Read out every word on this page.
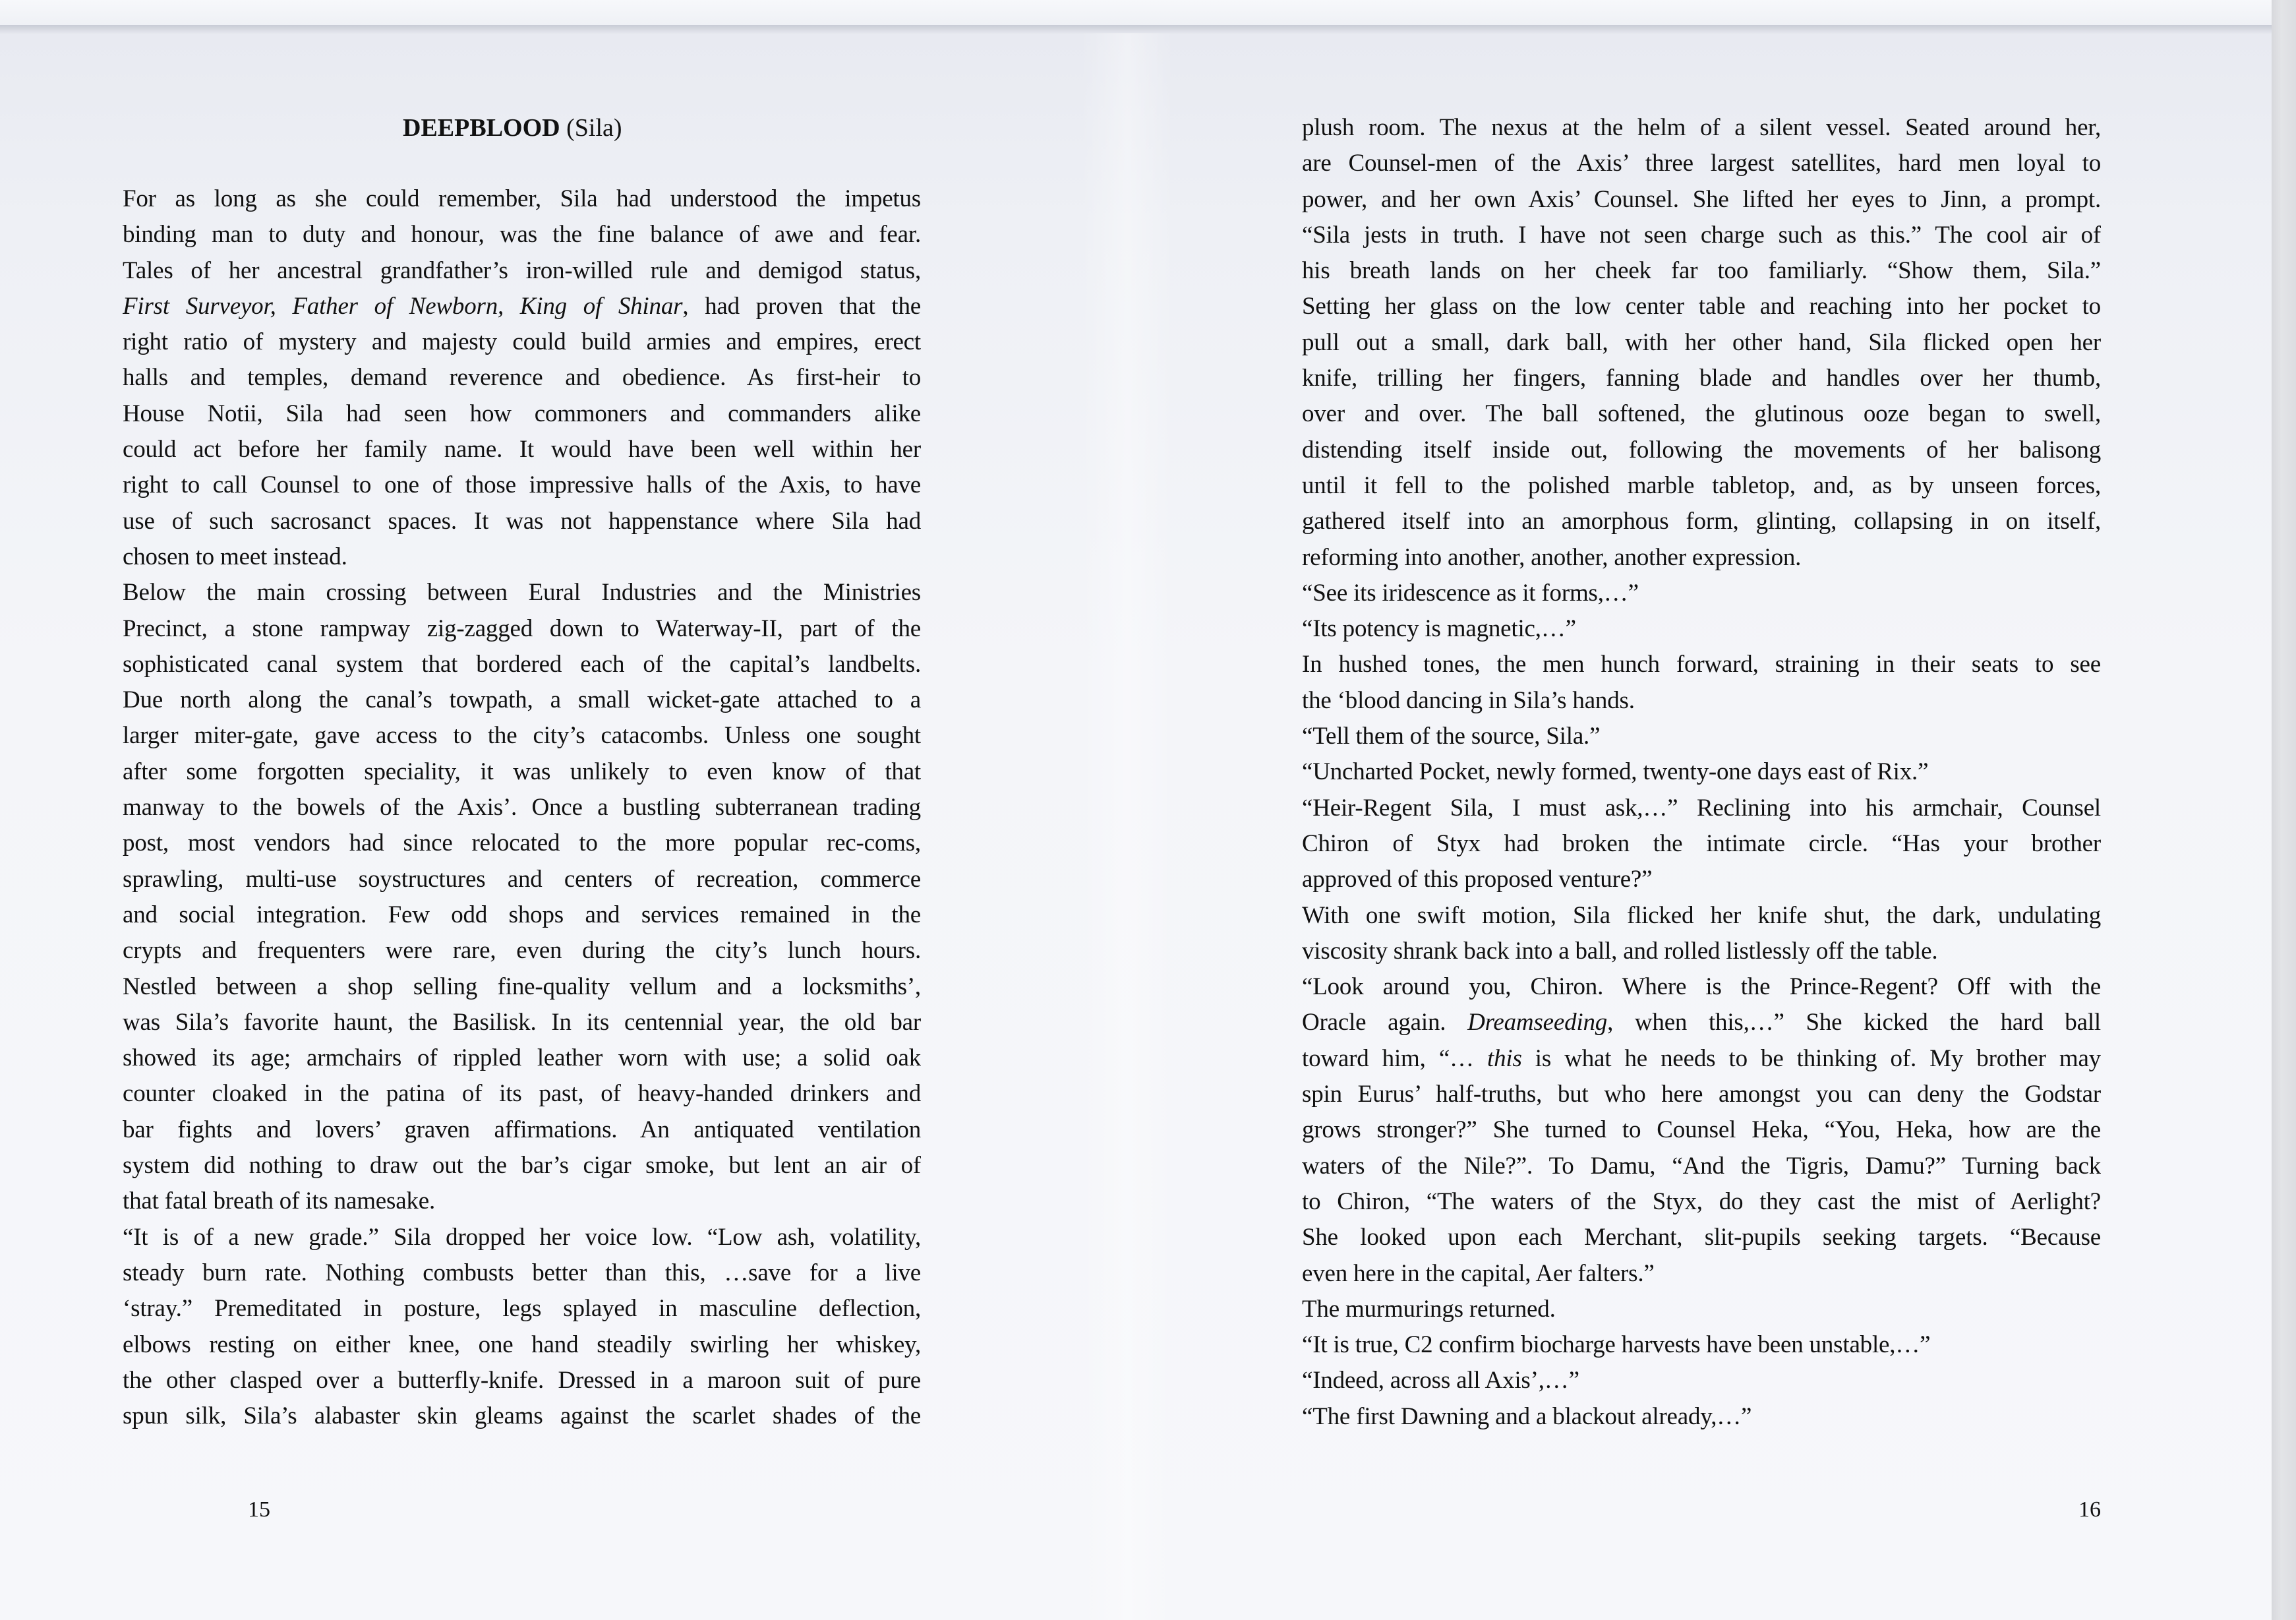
DEEPBLOOD (Sila)
For as long as she could remember, Sila had understood the impetus
binding man to duty and honour, was the fine balance of awe and fear.
Tales of her ancestral grandfather’s iron-willed rule and demigod status,
First Surveyor, Father of Newborn, King of Shinar, had proven that the
right ratio of mystery and majesty could build armies and empires, erect
halls and temples, demand reverence and obedience. As first-heir to
House Notii, Sila had seen how commoners and commanders alike
could act before her family name. It would have been well within her
right to call Counsel to one of those impressive halls of the Axis, to have
use of such sacrosanct spaces. It was not happenstance where Sila had
chosen to meet instead.
Below the main crossing between Eural Industries and the Ministries
Precinct, a stone rampway zig-zagged down to Waterway-II, part of the
sophisticated canal system that bordered each of the capital’s landbelts.
Due north along the canal’s towpath, a small wicket-gate attached to a
larger miter-gate, gave access to the city’s catacombs. Unless one sought
after some forgotten speciality, it was unlikely to even know of that
manway to the bowels of the Axis’. Once a bustling subterranean trading
post, most vendors had since relocated to the more popular rec-coms,
sprawling, multi-use soystructures and centers of recreation, commerce
and social integration. Few odd shops and services remained in the
crypts and frequenters were rare, even during the city’s lunch hours.
Nestled between a shop selling fine-quality vellum and a locksmiths’,
was Sila’s favorite haunt, the Basilisk. In its centennial year, the old bar
showed its age; armchairs of rippled leather worn with use; a solid oak
counter cloaked in the patina of its past, of heavy-handed drinkers and
bar fights and lovers’ graven affirmations. An antiquated ventilation
system did nothing to draw out the bar’s cigar smoke, but lent an air of
that fatal breath of its namesake.
“It is of a new grade.” Sila dropped her voice low. “Low ash, volatility,
steady burn rate. Nothing combusts better than this, …save for a live
‘stray.” Premeditated in posture, legs splayed in masculine deflection,
elbows resting on either knee, one hand steadily swirling her whiskey,
the other clasped over a butterfly-knife. Dressed in a maroon suit of pure
spun silk, Sila’s alabaster skin gleams against the scarlet shades of the
15
plush room. The nexus at the helm of a silent vessel. Seated around her,
are Counsel-men of the Axis’ three largest satellites, hard men loyal to
power, and her own Axis’ Counsel. She lifted her eyes to Jinn, a prompt.
“Sila jests in truth. I have not seen charge such as this.” The cool air of
his breath lands on her cheek far too familiarly. “Show them, Sila.”
Setting her glass on the low center table and reaching into her pocket to
pull out a small, dark ball, with her other hand, Sila flicked open her
knife, trilling her fingers, fanning blade and handles over her thumb,
over and over. The ball softened, the glutinous ooze began to swell,
distending itself inside out, following the movements of her balisong
until it fell to the polished marble tabletop, and, as by unseen forces,
gathered itself into an amorphous form, glinting, collapsing in on itself,
reforming into another, another, another expression.
“See its iridescence as it forms,…”
“Its potency is magnetic,…”
In hushed tones, the men hunch forward, straining in their seats to see
the ‘blood dancing in Sila’s hands.
“Tell them of the source, Sila.”
“Uncharted Pocket, newly formed, twenty-one days east of Rix.”
“Heir-Regent Sila, I must ask,…” Reclining into his armchair, Counsel
Chiron of Styx had broken the intimate circle. “Has your brother
approved of this proposed venture?”
With one swift motion, Sila flicked her knife shut, the dark, undulating
viscosity shrank back into a ball, and rolled listlessly off the table.
“Look around you, Chiron. Where is the Prince-Regent? Off with the
Oracle again. Dreamseeding, when this,…” She kicked the hard ball
toward him, “… this is what he needs to be thinking of. My brother may
spin Eurus’ half-truths, but who here amongst you can deny the Godstar
grows stronger?” She turned to Counsel Heka, “You, Heka, how are the
waters of the Nile?”. To Damu, “And the Tigris, Damu?” Turning back
to Chiron, “The waters of the Styx, do they cast the mist of Aerlight?
She looked upon each Merchant, slit-pupils seeking targets. “Because
even here in the capital, Aer falters.”
The murmurings returned.
“It is true, C2 confirm biocharge harvests have been unstable,…”
“Indeed, across all Axis’,…”
“The first Dawning and a blackout already,…”
16
